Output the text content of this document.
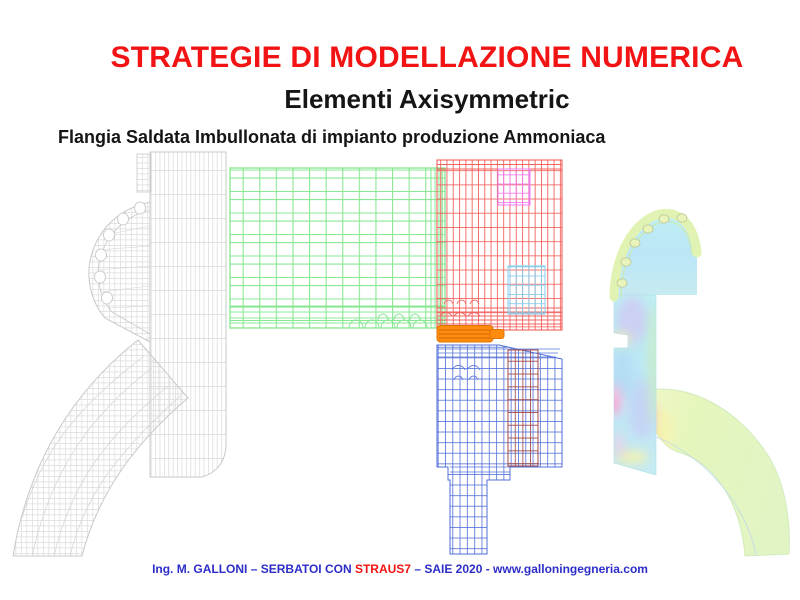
STRATEGIE DI MODELLAZIONE NUMERICA
Elementi Axisymmetric
Flangia Saldata Imbullonata di impianto produzione Ammoniaca
Ing. M. GALLONI – SERBATOI CON STRAUS7 – SAIE 2020 - www.galloningegneria.com
